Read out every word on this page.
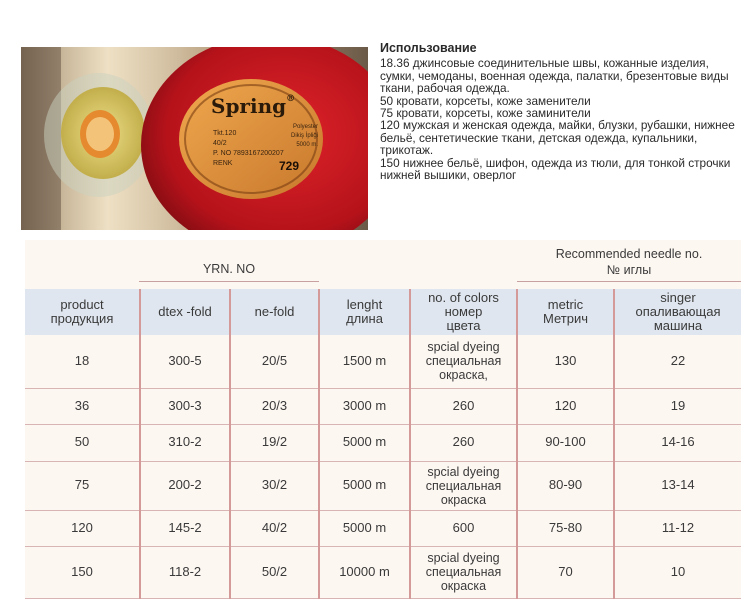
Spring®
Tkt.120
40/2
P. NO 7893167200207
RENK
Polyester
Dikiş İpliği
5000 m.
729
Использование
18.36 джинсовые соединительные швы, кожанные изделия, сумки, чемоданы, военная одежда, палатки, брезентовые виды ткани, рабочая одежда.
50 кровати, корсеты, коже заменители
75 кровати, корсеты, коже заминители
120 мужская и женская одежда, майки, блузки, рубашки, нижнее бельё, сентетические ткани, детская одежда, купальники, трикотаж.
150 нижнее бельё, шифон, одежда из тюли, для тонкой строчки нижней вышики, оверлог
YRN. NO
Recommended needle no.
№ иглы
product
продукция	dtex -fold	ne-fold	lenght
длина	no. of colors
номер
цвета	metric
Метрич	singer
опаливающая
машина
18	300-5	20/5	1500 m	spcial dyeing
специальная
окраска,	130	22
36	300-3	20/3	3000 m	260	120	19
50	310-2	19/2	5000 m	260	90-100	14-16
75	200-2	30/2	5000 m	spcial dyeing
специальная
окраска	80-90	13-14
120	145-2	40/2	5000 m	600	75-80	11-12
150	118-2	50/2	10000 m	spcial dyeing
специальная
окраска	70	10
